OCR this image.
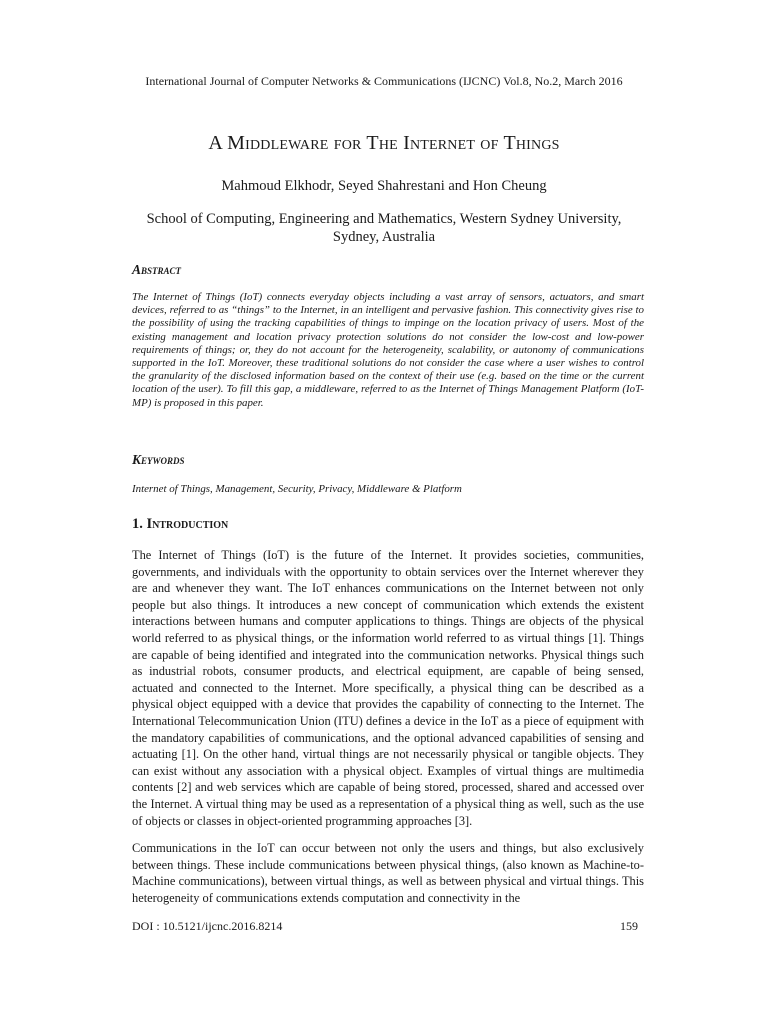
International Journal of Computer Networks & Communications (IJCNC) Vol.8, No.2, March 2016
A Middleware for The Internet of Things
Mahmoud Elkhodr, Seyed Shahrestani and Hon Cheung
School of Computing, Engineering and Mathematics, Western Sydney University, Sydney, Australia
Abstract
The Internet of Things (IoT) connects everyday objects including a vast array of sensors, actuators, and smart devices, referred to as “things” to the Internet, in an intelligent and pervasive fashion. This connectivity gives rise to the possibility of using the tracking capabilities of things to impinge on the location privacy of users. Most of the existing management and location privacy protection solutions do not consider the low-cost and low-power requirements of things; or, they do not account for the heterogeneity, scalability, or autonomy of communications supported in the IoT. Moreover, these traditional solutions do not consider the case where a user wishes to control the granularity of the disclosed information based on the context of their use (e.g. based on the time or the current location of the user). To fill this gap, a middleware, referred to as the Internet of Things Management Platform (IoT-MP) is proposed in this paper.
Keywords
Internet of Things, Management, Security, Privacy, Middleware & Platform
1. Introduction
The Internet of Things (IoT) is the future of the Internet. It provides societies, communities, governments, and individuals with the opportunity to obtain services over the Internet wherever they are and whenever they want. The IoT enhances communications on the Internet between not only people but also things. It introduces a new concept of communication which extends the existent interactions between humans and computer applications to things. Things are objects of the physical world referred to as physical things, or the information world referred to as virtual things [1]. Things are capable of being identified and integrated into the communication networks. Physical things such as industrial robots, consumer products, and electrical equipment, are capable of being sensed, actuated and connected to the Internet. More specifically, a physical thing can be described as a physical object equipped with a device that provides the capability of connecting to the Internet. The International Telecommunication Union (ITU) defines a device in the IoT as a piece of equipment with the mandatory capabilities of communications, and the optional advanced capabilities of sensing and actuating [1]. On the other hand, virtual things are not necessarily physical or tangible objects. They can exist without any association with a physical object. Examples of virtual things are multimedia contents [2] and web services which are capable of being stored, processed, shared and accessed over the Internet. A virtual thing may be used as a representation of a physical thing as well, such as the use of objects or classes in object-oriented programming approaches [3].
Communications in the IoT can occur between not only the users and things, but also exclusively between things. These include communications between physical things, (also known as Machine-to-Machine communications), between virtual things, as well as between physical and virtual things. This heterogeneity of communications extends computation and connectivity in the
DOI : 10.5121/ijcnc.2016.8214	159
